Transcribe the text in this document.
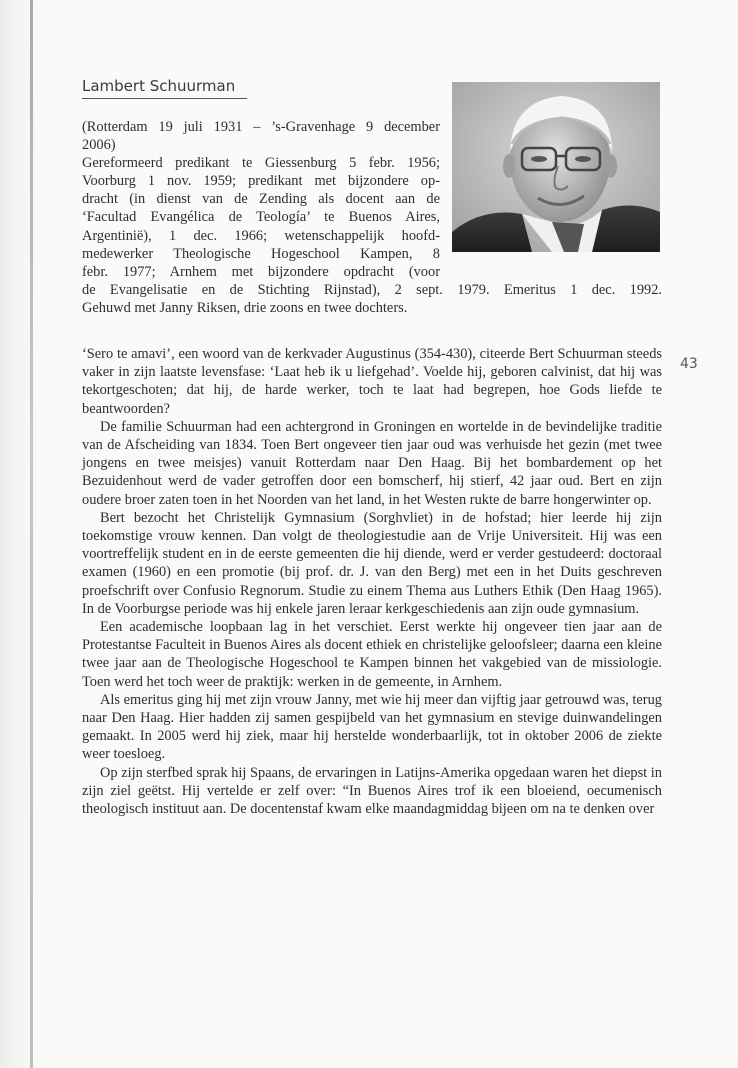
Lambert Schuurman
(Rotterdam 19 juli 1931 – ’s-Gravenhage 9 december
2006)
Gereformeerd predikant te Giessenburg 5 febr. 1956;
Voorburg 1 nov. 1959; predikant met bijzondere op-
dracht (in dienst van de Zending als docent aan de
‘Facultad Evangélica de Teología’ te Buenos Aires,
Argentinië), 1 dec. 1966; wetenschappelijk hoofd-
medewerker Theologische Hogeschool Kampen, 8
febr. 1977; Arnhem met bijzondere opdracht (voor
de Evangelisatie en de Stichting Rijnstad), 2 sept. 1979. Emeritus 1 dec. 1992.
Gehuwd met Janny Riksen, drie zoons en twee dochters.
43

‘Sero te amavi’, een woord van de kerkvader Augustinus (354-430), citeerde Bert Schuurman steeds vaker in zijn laatste levensfase: ‘Laat heb ik u liefgehad’. Voelde hij, geboren calvinist, dat hij was tekortgeschoten; dat hij, de harde werker, toch te laat had begrepen, hoe Gods liefde te beantwoorden?

De familie Schuurman had een achtergrond in Groningen en wortelde in de bevindelijke traditie van de Afscheiding van 1834. Toen Bert ongeveer tien jaar oud was verhuisde het gezin (met twee jongens en twee meisjes) vanuit Rotterdam naar Den Haag. Bij het bombardement op het Bezuidenhout werd de vader getroffen door een bomscherf, hij stierf, 42 jaar oud. Bert en zijn oudere broer zaten toen in het Noorden van het land, in het Westen rukte de barre hongerwinter op.

Bert bezocht het Christelijk Gymnasium (Sorghvliet) in de hofstad; hier leerde hij zijn toekomstige vrouw kennen. Dan volgt de theologiestudie aan de Vrije Universiteit. Hij was een voortreffelijk student en in de eerste gemeenten die hij diende, werd er verder gestudeerd: doctoraal examen (1960) en een promotie (bij prof. dr. J. van den Berg) met een in het Duits geschreven proefschrift over Confusio Regnorum. Studie zu einem Thema aus Luthers Ethik (Den Haag 1965). In de Voorburgse periode was hij enkele jaren leraar kerkgeschiedenis aan zijn oude gymnasium.

Een academische loopbaan lag in het verschiet. Eerst werkte hij ongeveer tien jaar aan de Protestantse Faculteit in Buenos Aires als docent ethiek en christelijke geloofsleer; daarna een kleine twee jaar aan de Theologische Hogeschool te Kampen binnen het vakgebied van de missiologie. Toen werd het toch weer de praktijk: werken in de gemeente, in Arnhem.

Als emeritus ging hij met zijn vrouw Janny, met wie hij meer dan vijftig jaar getrouwd was, terug naar Den Haag. Hier hadden zij samen gespijbeld van het gymnasium en stevige duinwandelingen gemaakt. In 2005 werd hij ziek, maar hij herstelde wonderbaarlijk, tot in oktober 2006 de ziekte weer toesloeg.

Op zijn sterfbed sprak hij Spaans, de ervaringen in Latijns-Amerika opgedaan waren het diepst in zijn ziel geëtst. Hij vertelde er zelf over: “In Buenos Aires trof ik een bloeiend, oecumenisch theologisch instituut aan. De docentenstaf kwam elke maandagmiddag bijeen om na te denken over
